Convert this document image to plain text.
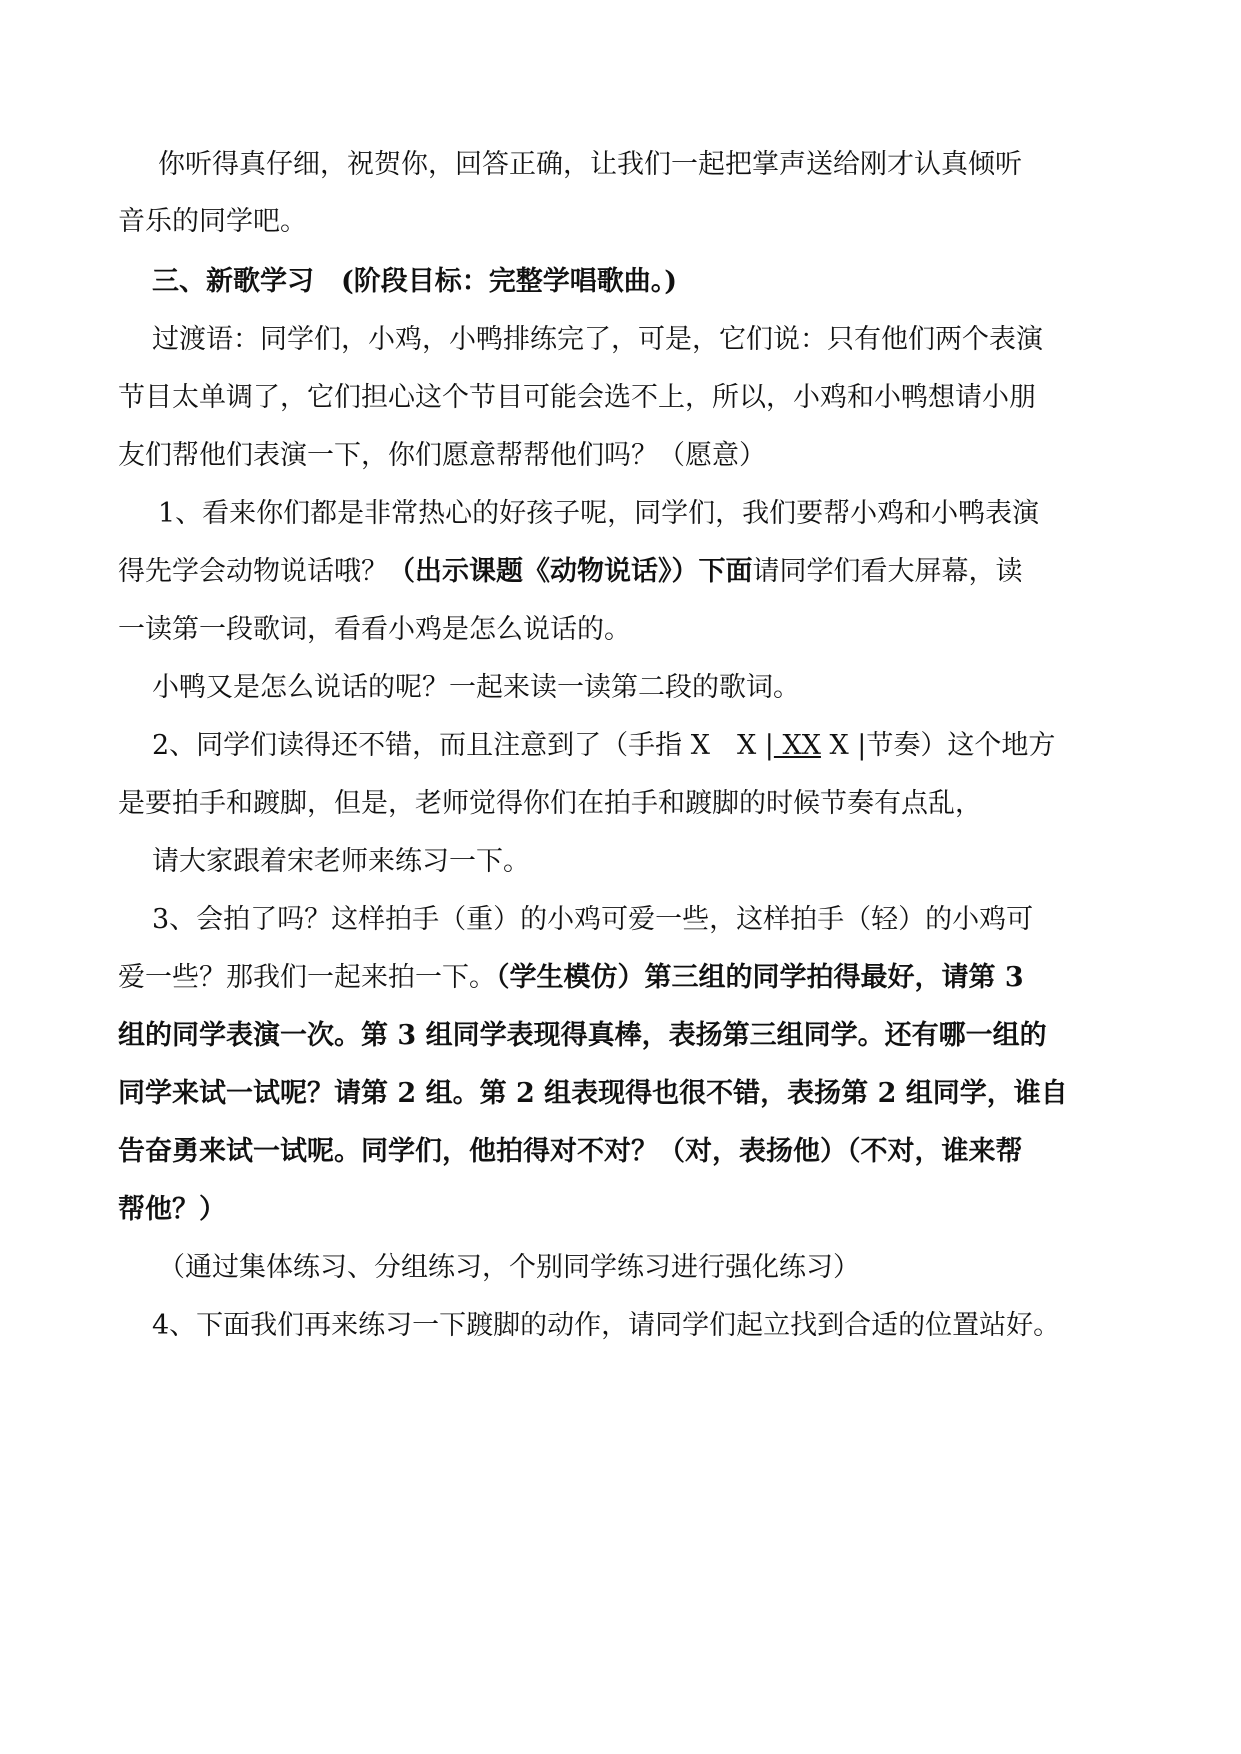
你听得真仔细，祝贺你，回答正确，让我们一起把掌声送给刚才认真倾听

音乐的同学吧。

三、新歌学习　(阶段目标：完整学唱歌曲。)

过渡语：同学们，小鸡，小鸭排练完了，可是，它们说：只有他们两个表演

节目太单调了，它们担心这个节目可能会选不上，所以，小鸡和小鸭想请小朋

友们帮他们表演一下，你们愿意帮帮他们吗？（愿意）

1、看来你们都是非常热心的好孩子呢，同学们，我们要帮小鸡和小鸭表演

得先学会动物说话哦？（出示课题《动物说话》）下面请同学们看大屏幕，读

一读第一段歌词，看看小鸡是怎么说话的。

小鸭又是怎么说话的呢？一起来读一读第二段的歌词。

2、同学们读得还不错，而且注意到了（手指 X　X | XX X |节奏）这个地方

是要拍手和踱脚，但是，老师觉得你们在拍手和踱脚的时候节奏有点乱，

请大家跟着宋老师来练习一下。

3、会拍了吗？这样拍手（重）的小鸡可爱一些，这样拍手（轻）的小鸡可

爱一些？那我们一起来拍一下。（学生模仿）第三组的同学拍得最好，请第 3

组的同学表演一次。第 3 组同学表现得真棒，表扬第三组同学。还有哪一组的

同学来试一试呢？请第 2 组。第 2 组表现得也很不错，表扬第 2 组同学，谁自

告奋勇来试一试呢。同学们，他拍得对不对？（对，表扬他）（不对，谁来帮

帮他？）

（通过集体练习、分组练习，个别同学练习进行强化练习）

4、下面我们再来练习一下踱脚的动作，请同学们起立找到合适的位置站好。
